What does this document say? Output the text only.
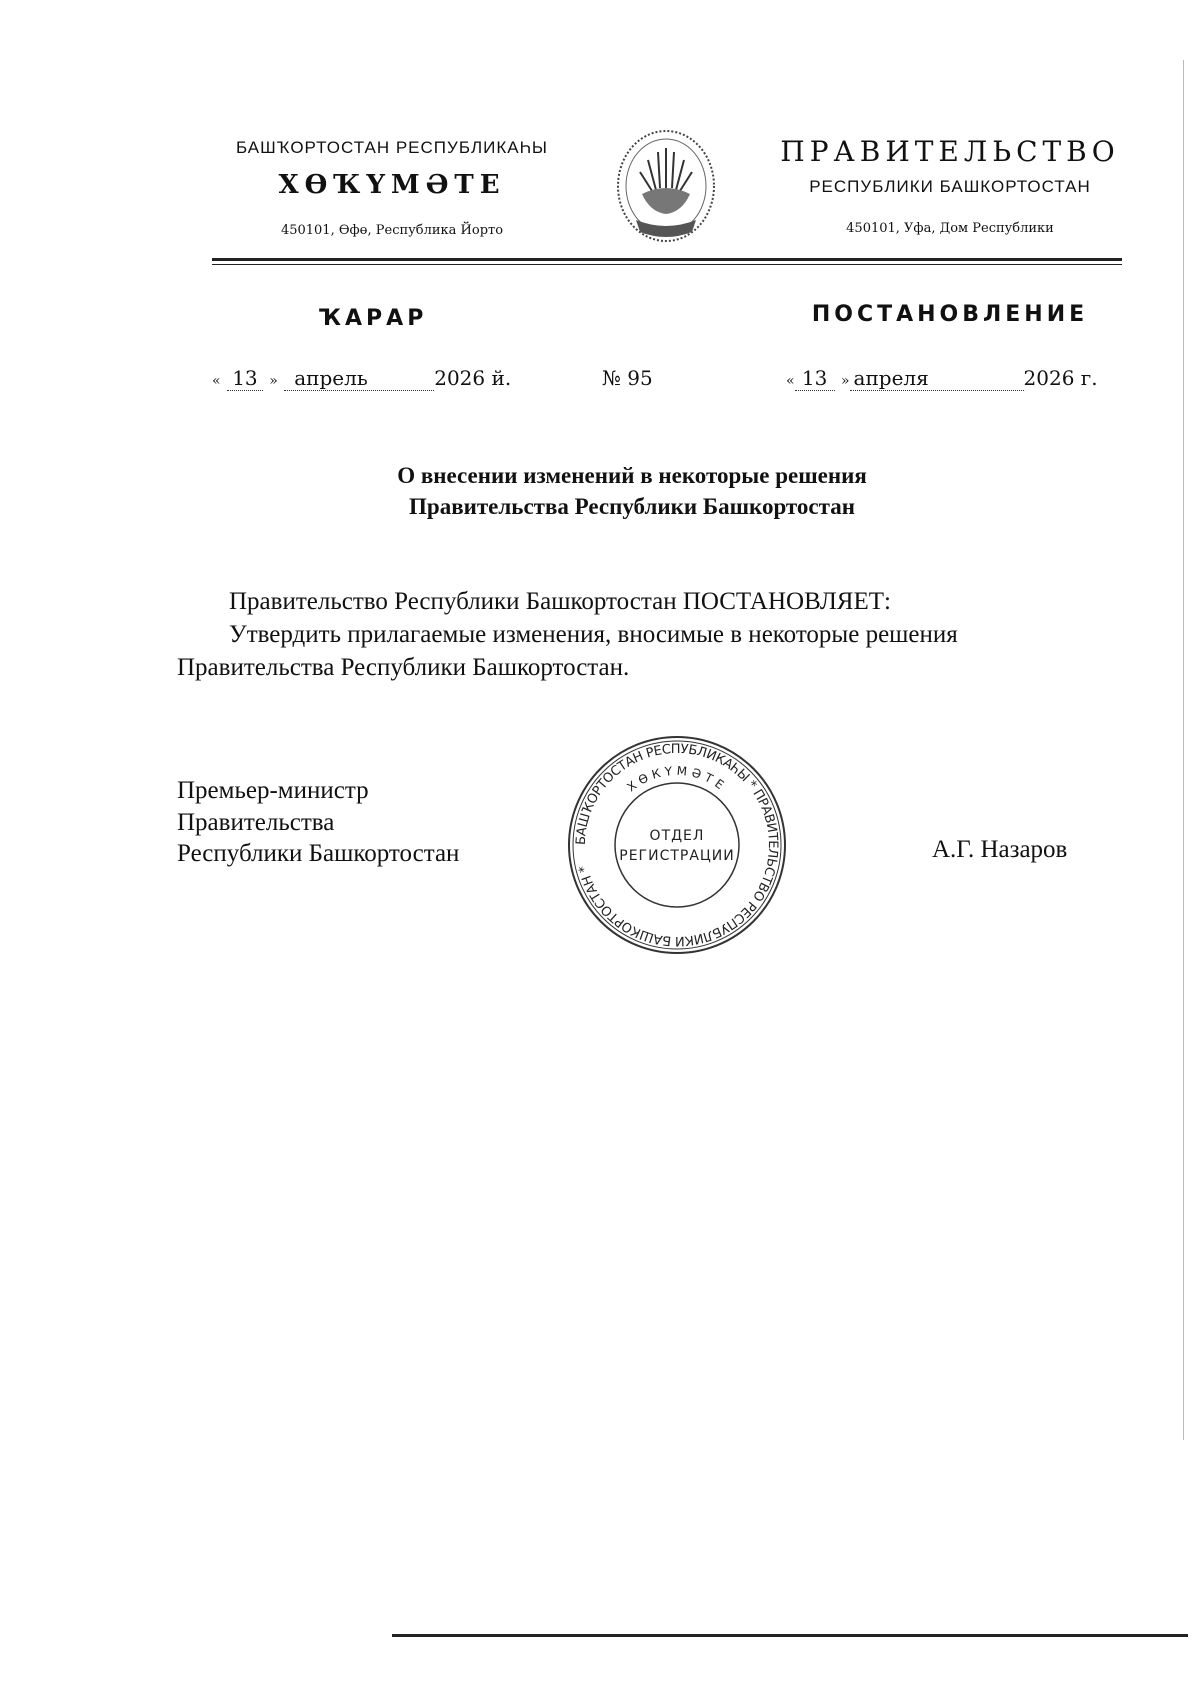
БАШҠОРТОСТАН РЕСПУБЛИКАҺЫ
ХӨҠҮМӘТЕ
450101, Өфө, Республика Йорто
ПРАВИТЕЛЬСТВО
РЕСПУБЛИКИ БАШКОРТОСТАН
450101, Уфа, Дом Республики
ҠАРАР	ПОСТАНОВЛЕНИЕ
« 13 » апрель	2026 й.	№ 95	« 13 » апреля	2026 г.
О внесении изменений в некоторые решения
Правительства Республики Башкортостан
Правительство Республики Башкортостан ПОСТАНОВЛЯЕТ:
Утвердить прилагаемые изменения, вносимые в некоторые решения
Правительства Республики Башкортостан.
Премьер-министр
Правительства
Республики Башкортостан	А.Г. Назаров
БАШҠОРТОСТАН РЕСПУБЛИКАҺЫ * ПРАВИТЕЛЬСТВО РЕСПУБЛИКИ БАШКОРТОСТАН *
ХӨКҮМӘТЕ
ОТДЕЛ
РЕГИСТРАЦИИ
